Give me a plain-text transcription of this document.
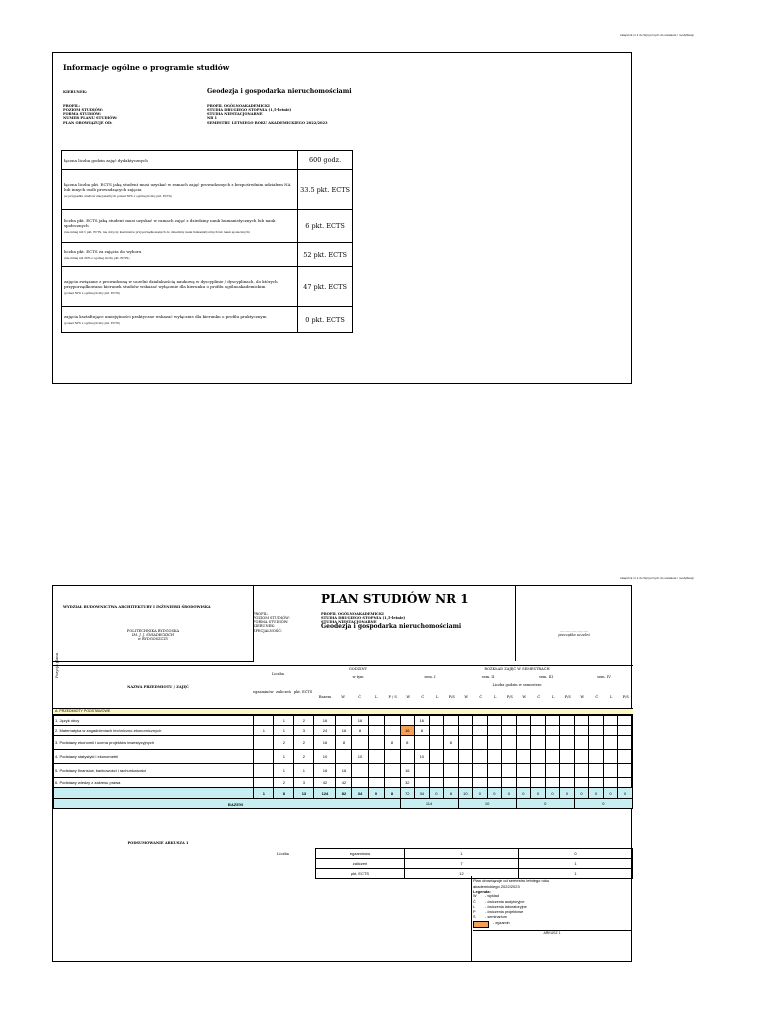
załącznik nr 2 do Wytycznych do ustalania / modyfikacji
Informacje ogólne o programie studiów
KIERUNEK:	Geodezja i gospodarka nieruchomościami
PROFIL:
POZIOM STUDIÓW:
FORMA STUDIÓW:
NUMER PLANU STUDIÓW:
PLAN OBOWIĄZUJE OD:
PROFIL OGÓLNOAKADEMICKI
STUDIA DRUGIEGO STOPNIA (1,5-letnie)
STUDIA NIESTACJONARNE
NR 1
SEMESTRU LETNIEGO ROKU AKADEMICKIEGO 2022/2023
łączna liczba godzin zajęć dydaktycznych	600 godz.
łączna liczba pkt. ECTS jaką student musi uzyskać w ramach zajęć prowadzonych z bezpośrednim udziałem NA lub innych osób prowadzących zajęcia
(w przypadku studiów stacjonarnych ponad 50% z ogólnej liczby pkt. ECTS)	33.5 pkt. ECTS
liczba pkt. ECTS jaką student musi uzyskać w ramach zajęć z dziedziny nauk humanistycznych lub nauk społecznych
(nie mniej niż 5 pkt. ECTS, nie dotyczy kierunków przyporządkowanych do dziedziny nauk humanistycznych lub nauk społecznych)	6 pkt. ECTS
liczba pkt. ECTS za zajęcia do wyboru
(nie mniej niż 30% z ogólnej liczby pkt. ECTS)	52 pkt. ECTS
zajęcia związane z prowadzoną w uczelni działalnością naukową w dyscyplinie / dyscyplinach, do których przyporządkowano kierunek studiów wskazać wyłącznie dla kierunku o profilu ogólnoakademickim
(ponad 50% z ogólnej liczby pkt. ECTS)	47 pkt. ECTS
zajęcia kształtujące umiejętności praktyczne wskazać wyłącznie dla kierunku o profilu praktycznym
(ponad 50% z ogólnej liczby pkt. ECTS)	0 pkt. ECTS
załącznik nr 2 do Wytycznych do ustalania / modyfikacji
WYDZIAŁ BUDOWNICTWA ARCHITEKTURY I INŻYNIERII ŚRODOWISKA
POLITECHNIKA BYDGOSKA
IM. J. J. ŚNIADECKICH
w BYDGOSZCZY
PROFIL:
POZIOM STUDIÓW:
FORMA STUDIÓW:
KIERUNEK:
SPECJALNOŚĆ:
PLAN STUDIÓW NR 1
PROFIL OGÓLNOAKADEMICKI
STUDIA DRUGIEGO STOPNIA (1,5-letnie)
STUDIA NIESTACJONARNE
Geodezja i gospodarka nieruchomościami
……………………
pieczątka uczelni
Pozycja planu
NAZWA PRZEDMIOTU / ZAJĘĆ
Liczba
GODZINY
w tym
ROZKŁAD ZAJĘĆ W SEMESTRACH
Liczba godzin w semestrze
sem. I	sem. II	sem. III	sem. IV
egzaminów zaliczeń pkt. ECTS
Razem	W	Ć	L	P / S	W	Ć	L	P/S	W	Ć	L	P/S	W	Ć	L	P/S	W	Ć	L	P/S
A. PRZEDMIOTY PODSTAWOWE
1. Język obcy		1	2	16		16				16														
2. Matematyka w zagadnieniach techniczno-ekonomicznych	1	1	3	24	16	8			16	8														
3. Podstawy ekonomii i ocena projektów inwestycyjnych		2	2	16	8			8	8			8												
4. Podstawy statystyki i ekonometrii		1	2	10		10				10														
5. Podstawy finansów, bankowości i rachunkowości		1	1	16	16				16															
6. Podstawy wiedzy z zakresu prawa		2	3	42	42				32															
	1	8	13	124	82	34	0	8	72	34	0	8	10	0	0	0	0	0	0	0	0	0	0	0
									114				10				0				0			
RAZEM
PODSUMOWANIE ARKUSZA 1
Liczba	egzaminów	1	0
zaliczeń	7	1
pkt. ECTS	12	1
Plan obowiązuje od semestru letniego roku akademickiego 2022/2023
Legenda:
W	- wykład
Ć	- ćwiczenia audytoryjne
L	- ćwiczenia laboratoryjne
P	- ćwiczenia projektowe
S	- seminarium
- egzamin
ARKUSZ 1
